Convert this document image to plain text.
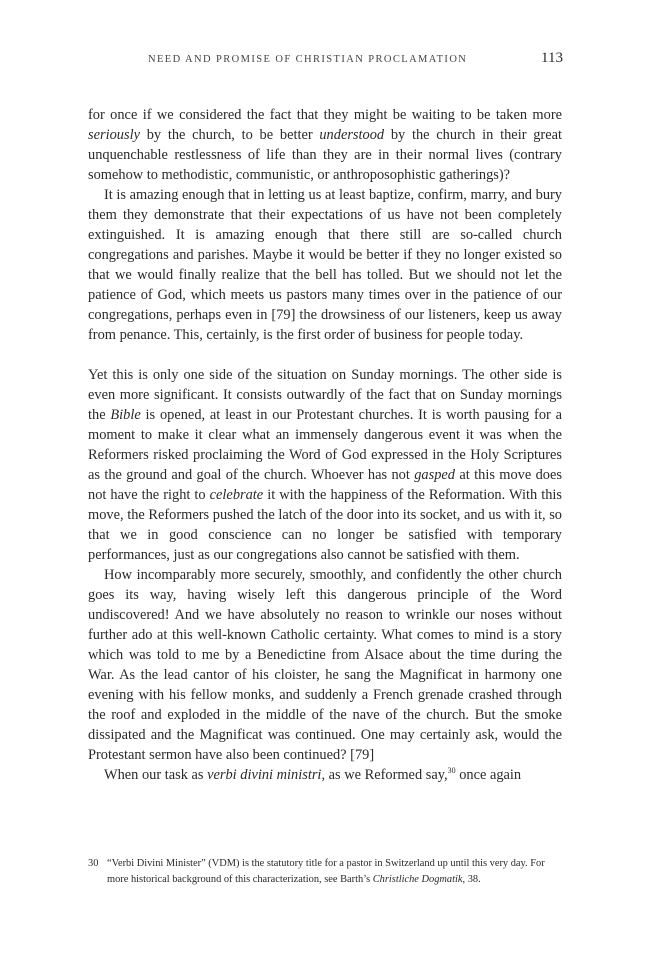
NEED AND PROMISE OF CHRISTIAN PROCLAMATION	113

for once if we considered the fact that they might be waiting to be taken more seriously by the church, to be better understood by the church in their great unquenchable restlessness of life than they are in their normal lives (contrary somehow to methodistic, communistic, or anthroposophistic gatherings)?

It is amazing enough that in letting us at least baptize, confirm, marry, and bury them they demonstrate that their expectations of us have not been completely extinguished. It is amazing enough that there still are so-called church congregations and parishes. Maybe it would be better if they no longer existed so that we would finally realize that the bell has tolled. But we should not let the patience of God, which meets us pastors many times over in the patience of our congregations, perhaps even in [79] the drowsiness of our listeners, keep us away from penance. This, certainly, is the first order of business for people today.

Yet this is only one side of the situation on Sunday mornings. The other side is even more significant. It consists outwardly of the fact that on Sunday mornings the Bible is opened, at least in our Protestant churches. It is worth pausing for a moment to make it clear what an immensely dangerous event it was when the Reformers risked proclaiming the Word of God expressed in the Holy Scriptures as the ground and goal of the church. Whoever has not gasped at this move does not have the right to celebrate it with the happiness of the Reformation. With this move, the Reformers pushed the latch of the door into its socket, and us with it, so that we in good conscience can no longer be satisfied with temporary performances, just as our congregations also cannot be satisfied with them.

How incomparably more securely, smoothly, and confidently the other church goes its way, having wisely left this dangerous principle of the Word undiscovered! And we have absolutely no reason to wrinkle our noses without further ado at this well-known Catholic certainty. What comes to mind is a story which was told to me by a Benedictine from Alsace about the time during the War. As the lead cantor of his cloister, he sang the Magnificat in harmony one evening with his fellow monks, and suddenly a French grenade crashed through the roof and exploded in the middle of the nave of the church. But the smoke dissipated and the Magnificat was continued. One may certainly ask, would the Protestant sermon have also been continued? [79]

When our task as verbi divini ministri, as we Reformed say,$^{30}$ once again

30 “Verbi Divini Minister” (VDM) is the statutory title for a pastor in Switzerland up until this very day. For more historical background of this characterization, see Barth’s Christliche Dogmatik, 38.
